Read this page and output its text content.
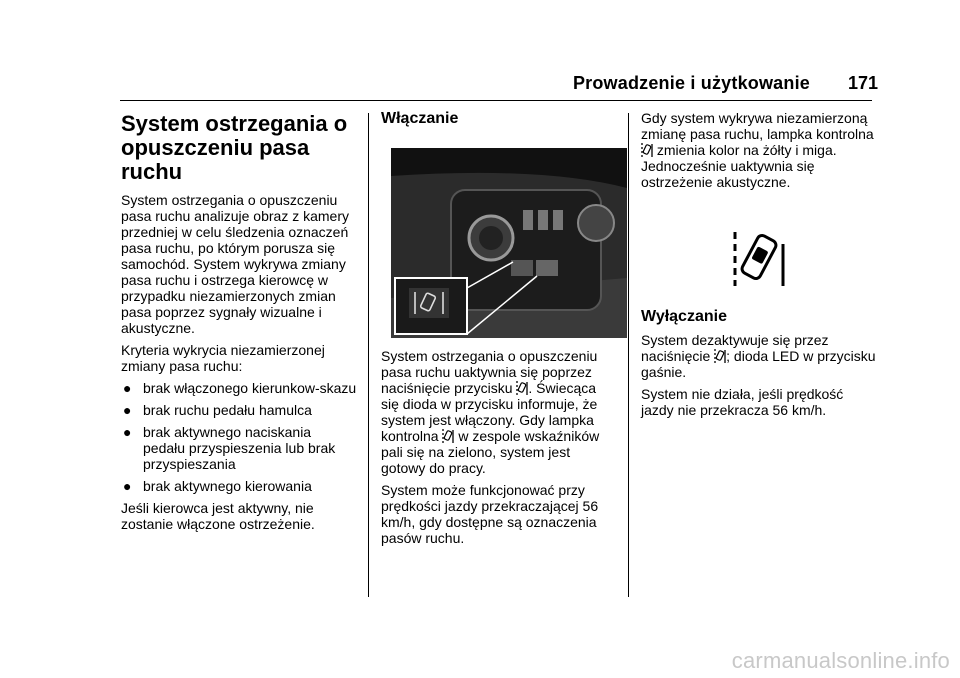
Prowadzenie i użytkowanie	171
System ostrzegania o opuszczeniu pasa ruchu

System ostrzegania o opuszczeniu pasa ruchu analizuje obraz z kamery przedniej w celu śledzenia oznaczeń pasa ruchu, po którym porusza się samochód. System wykrywa zmiany pasa ruchu i ostrzega kierowcę w przypadku niezamierzonych zmian pasa poprzez sygnały wizualne i akustyczne.

Kryteria wykrycia niezamierzonej zmiany pasa ruchu:

● brak włączonego kierunkow-skazu
● brak ruchu pedału hamulca
● brak aktywnego naciskania pedału przyspieszenia lub brak przyspieszania
● brak aktywnego kierowania

Jeśli kierowca jest aktywny, nie zostanie włączone ostrzeżenie.

Włączanie

System ostrzegania o opuszczeniu pasa ruchu uaktywnia się poprzez naciśnięcie przycisku . Świecąca się dioda w przycisku informuje, że system jest włączony. Gdy lampka kontrolna w zespole wskaźników pali się na zielono, system jest gotowy do pracy.

System może funkcjonować przy prędkości jazdy przekraczającej 56 km/h, gdy dostępne są oznaczenia pasów ruchu.

Gdy system wykrywa niezamierzoną zmianę pasa ruchu, lampka kontrolna  zmienia kolor na żółty i miga. Jednocześnie uaktywnia się ostrzeżenie akustyczne.

Wyłączanie

System dezaktywuje się przez naciśnięcie ; dioda LED w przycisku gaśnie.

System nie działa, jeśli prędkość jazdy nie przekracza 56 km/h.

carmanualsonline.info
